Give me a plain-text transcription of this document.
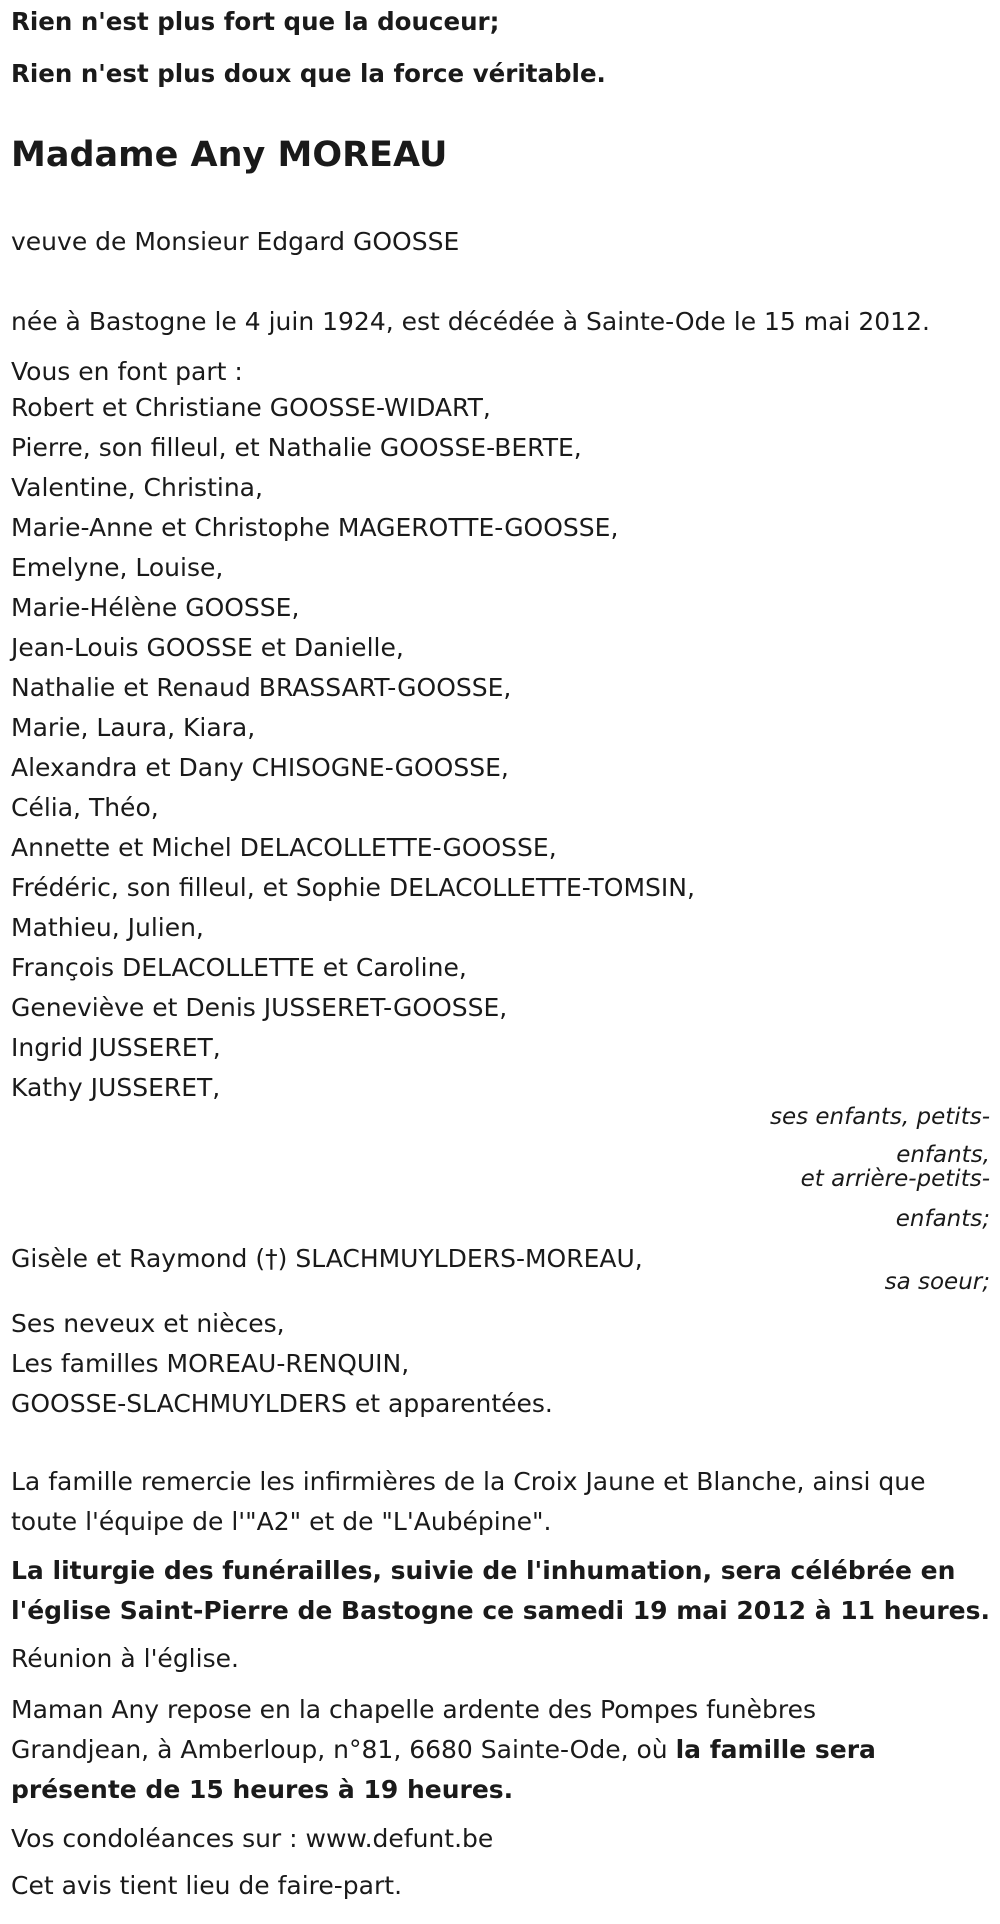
Rien n'est plus fort que la douceur;

Rien n'est plus doux que la force véritable.

Madame Any MOREAU

veuve de Monsieur Edgard GOOSSE

née à Bastogne le 4 juin 1924, est décédée à Sainte-Ode le 15 mai 2012.

Vous en font part :

Robert et Christiane GOOSSE-WIDART,
Pierre, son filleul, et Nathalie GOOSSE-BERTE,
Valentine, Christina,
Marie-Anne et Christophe MAGEROTTE-GOOSSE,
Emelyne, Louise,
Marie-Hélène GOOSSE,
Jean-Louis GOOSSE et Danielle,
Nathalie et Renaud BRASSART-GOOSSE,
Marie, Laura, Kiara,
Alexandra et Dany CHISOGNE-GOOSSE,
Célia, Théo,
Annette et Michel DELACOLLETTE-GOOSSE,
Frédéric, son filleul, et Sophie DELACOLLETTE-TOMSIN,
Mathieu, Julien,
François DELACOLLETTE et Caroline,
Geneviève et Denis JUSSERET-GOOSSE,
Ingrid JUSSERET,
Kathy JUSSERET,
ses enfants, petits-
enfants,
et arrière-petits-
enfants;

Gisèle et Raymond (†) SLACHMUYLDERS-MOREAU,

sa soeur;
Ses neveux et nièces,
Les familles MOREAU-RENQUIN,
GOOSSE-SLACHMUYLDERS et apparentées.
La famille remercie les infirmières de la Croix Jaune et Blanche, ainsi que
toute l'équipe de l'"A2" et de "L'Aubépine".
La liturgie des funérailles, suivie de l'inhumation, sera célébrée en
l'église Saint-Pierre de Bastogne ce samedi 19 mai 2012 à 11 heures.

Réunion à l'église.

Maman Any repose en la chapelle ardente des Pompes funèbres
Grandjean, à Amberloup, n°81, 6680 Sainte-Ode, où la famille sera
présente de 15 heures à 19 heures.

Vos condoléances sur : www.defunt.be

Cet avis tient lieu de faire-part.
